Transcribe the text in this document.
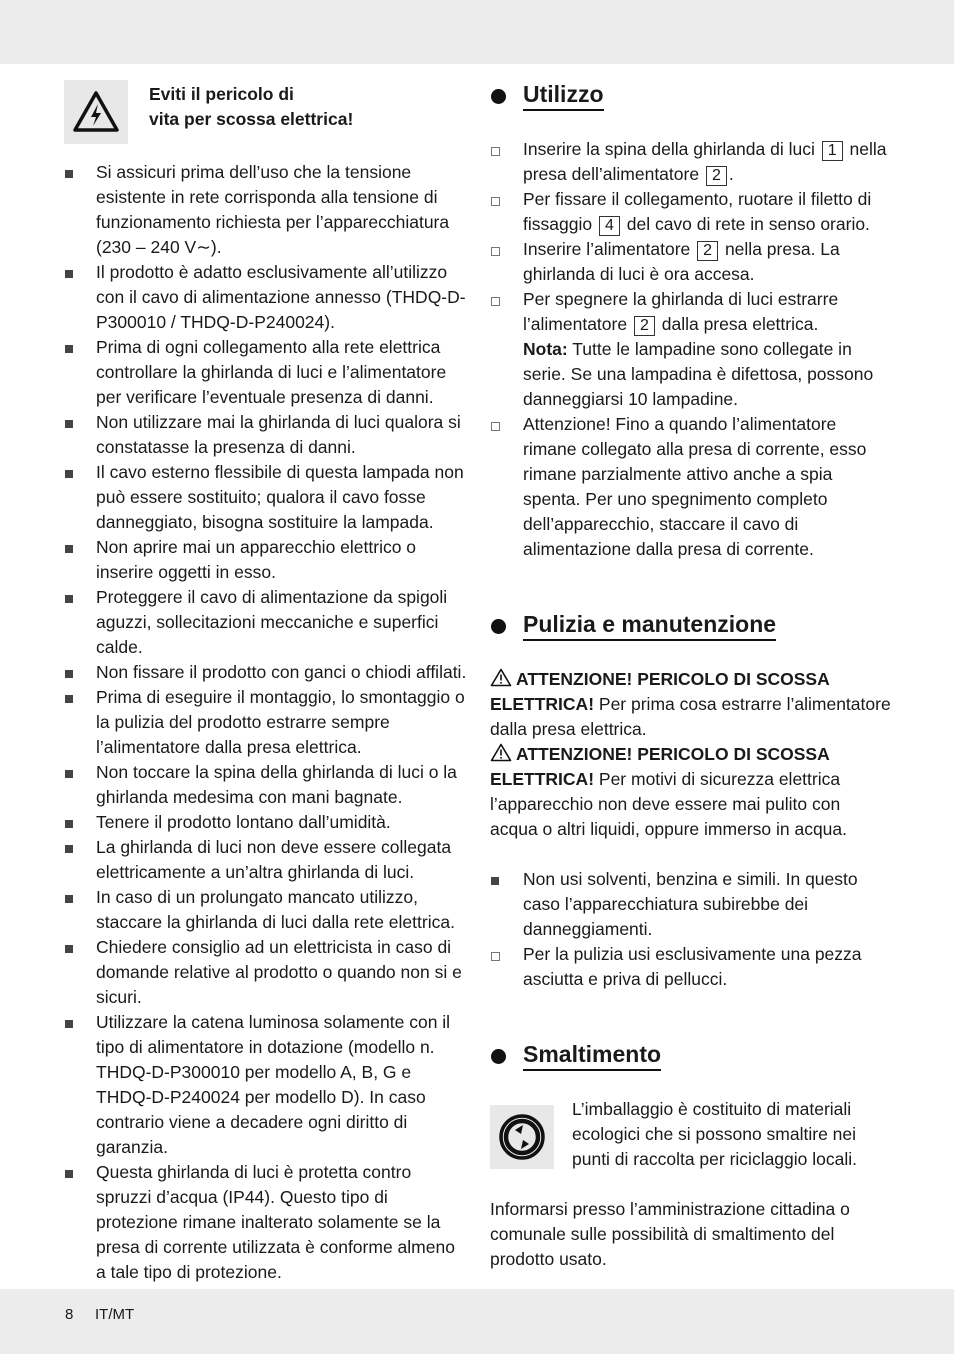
Eviti il pericolo di
vita per scossa elettrica!
Si assicuri prima dell’uso che la tensione esistente in rete corrisponda alla tensione di funzionamento richiesta per l’apparecchiatura (230 – 240 V∼).
Il prodotto è adatto esclusivamente all’utilizzo con il cavo di alimentazione annesso (THDQ-D-P300010 / THDQ-D-P240024).
Prima di ogni collegamento alla rete elettrica controllare la ghirlanda di luci e l’alimentatore per verificare l’eventuale presenza di danni.
Non utilizzare mai la ghirlanda di luci qualora si constatasse la presenza di danni.
Il cavo esterno flessibile di questa lampada non può essere sostituito; qualora il cavo fosse danneggiato, bisogna sostituire la lampada.
Non aprire mai un apparecchio elettrico o inserire oggetti in esso.
Proteggere il cavo di alimentazione da spigoli aguzzi, sollecitazioni meccaniche e superfici calde.
Non fissare il prodotto con ganci o chiodi affilati.
Prima di eseguire il montaggio, lo smontaggio o la pulizia del prodotto estrarre sempre l’alimentatore dalla presa elettrica.
Non toccare la spina della ghirlanda di luci o la ghirlanda medesima con mani bagnate.
Tenere il prodotto lontano dall’umidità.
La ghirlanda di luci non deve essere collegata elettricamente a un’altra ghirlanda di luci.
In caso di un prolungato mancato utilizzo, staccare la ghirlanda di luci dalla rete elettrica.
Chiedere consiglio ad un elettricista in caso di domande relative al prodotto o quando non si e sicuri.
Utilizzare la catena luminosa solamente con il tipo di alimentatore in dotazione (modello n. THDQ-D-P300010 per modello A, B, G e THDQ-D-P240024 per modello D). In caso contrario viene a decadere ogni diritto di garanzia.
Questa ghirlanda di luci è protetta contro spruzzi d’acqua (IP44). Questo tipo di protezione rimane inalterato solamente se la presa di corrente utilizzata è conforme almeno a tale tipo di protezione.
Utilizzo
Inserire la spina della ghirlanda di luci 1 nella presa dell’alimentatore 2 .
Per fissare il collegamento, ruotare il filetto di fissaggio 4 del cavo di rete in senso orario.
Inserire l’alimentatore 2 nella presa. La ghirlanda di luci è ora accesa.
Per spegnere la ghirlanda di luci estrarre l’alimentatore 2 dalla presa elettrica.
Nota: Tutte le lampadine sono collegate in serie. Se una lampadina è difettosa, possono danneggiarsi 10 lampadine.
Attenzione! Fino a quando l’alimentatore rimane collegato alla presa di corrente, esso rimane parzialmente attivo anche a spia spenta. Per uno spegnimento completo dell’apparecchio, staccare il cavo di alimentazione dalla presa di corrente.
Pulizia e manutenzione
ATTENZIONE! PERICOLO DI SCOSSA ELETTRICA! Per prima cosa estrarre l’alimentatore dalla presa elettrica.
ATTENZIONE! PERICOLO DI SCOSSA ELETTRICA! Per motivi di sicurezza elettrica l’apparecchio non deve essere mai pulito con acqua o altri liquidi, oppure immerso in acqua.
Non usi solventi, benzina e simili. In questo caso l’apparecchiatura subirebbe dei danneggiamenti.
Per la pulizia usi esclusivamente una pezza asciutta e priva di pellucci.
Smaltimento
L’imballaggio è costituito di materiali ecologici che si possono smaltire nei punti di raccolta per riciclaggio locali.
Informarsi presso l’amministrazione cittadina o comunale sulle possibilità di smaltimento del prodotto usato.
8 IT/MT
